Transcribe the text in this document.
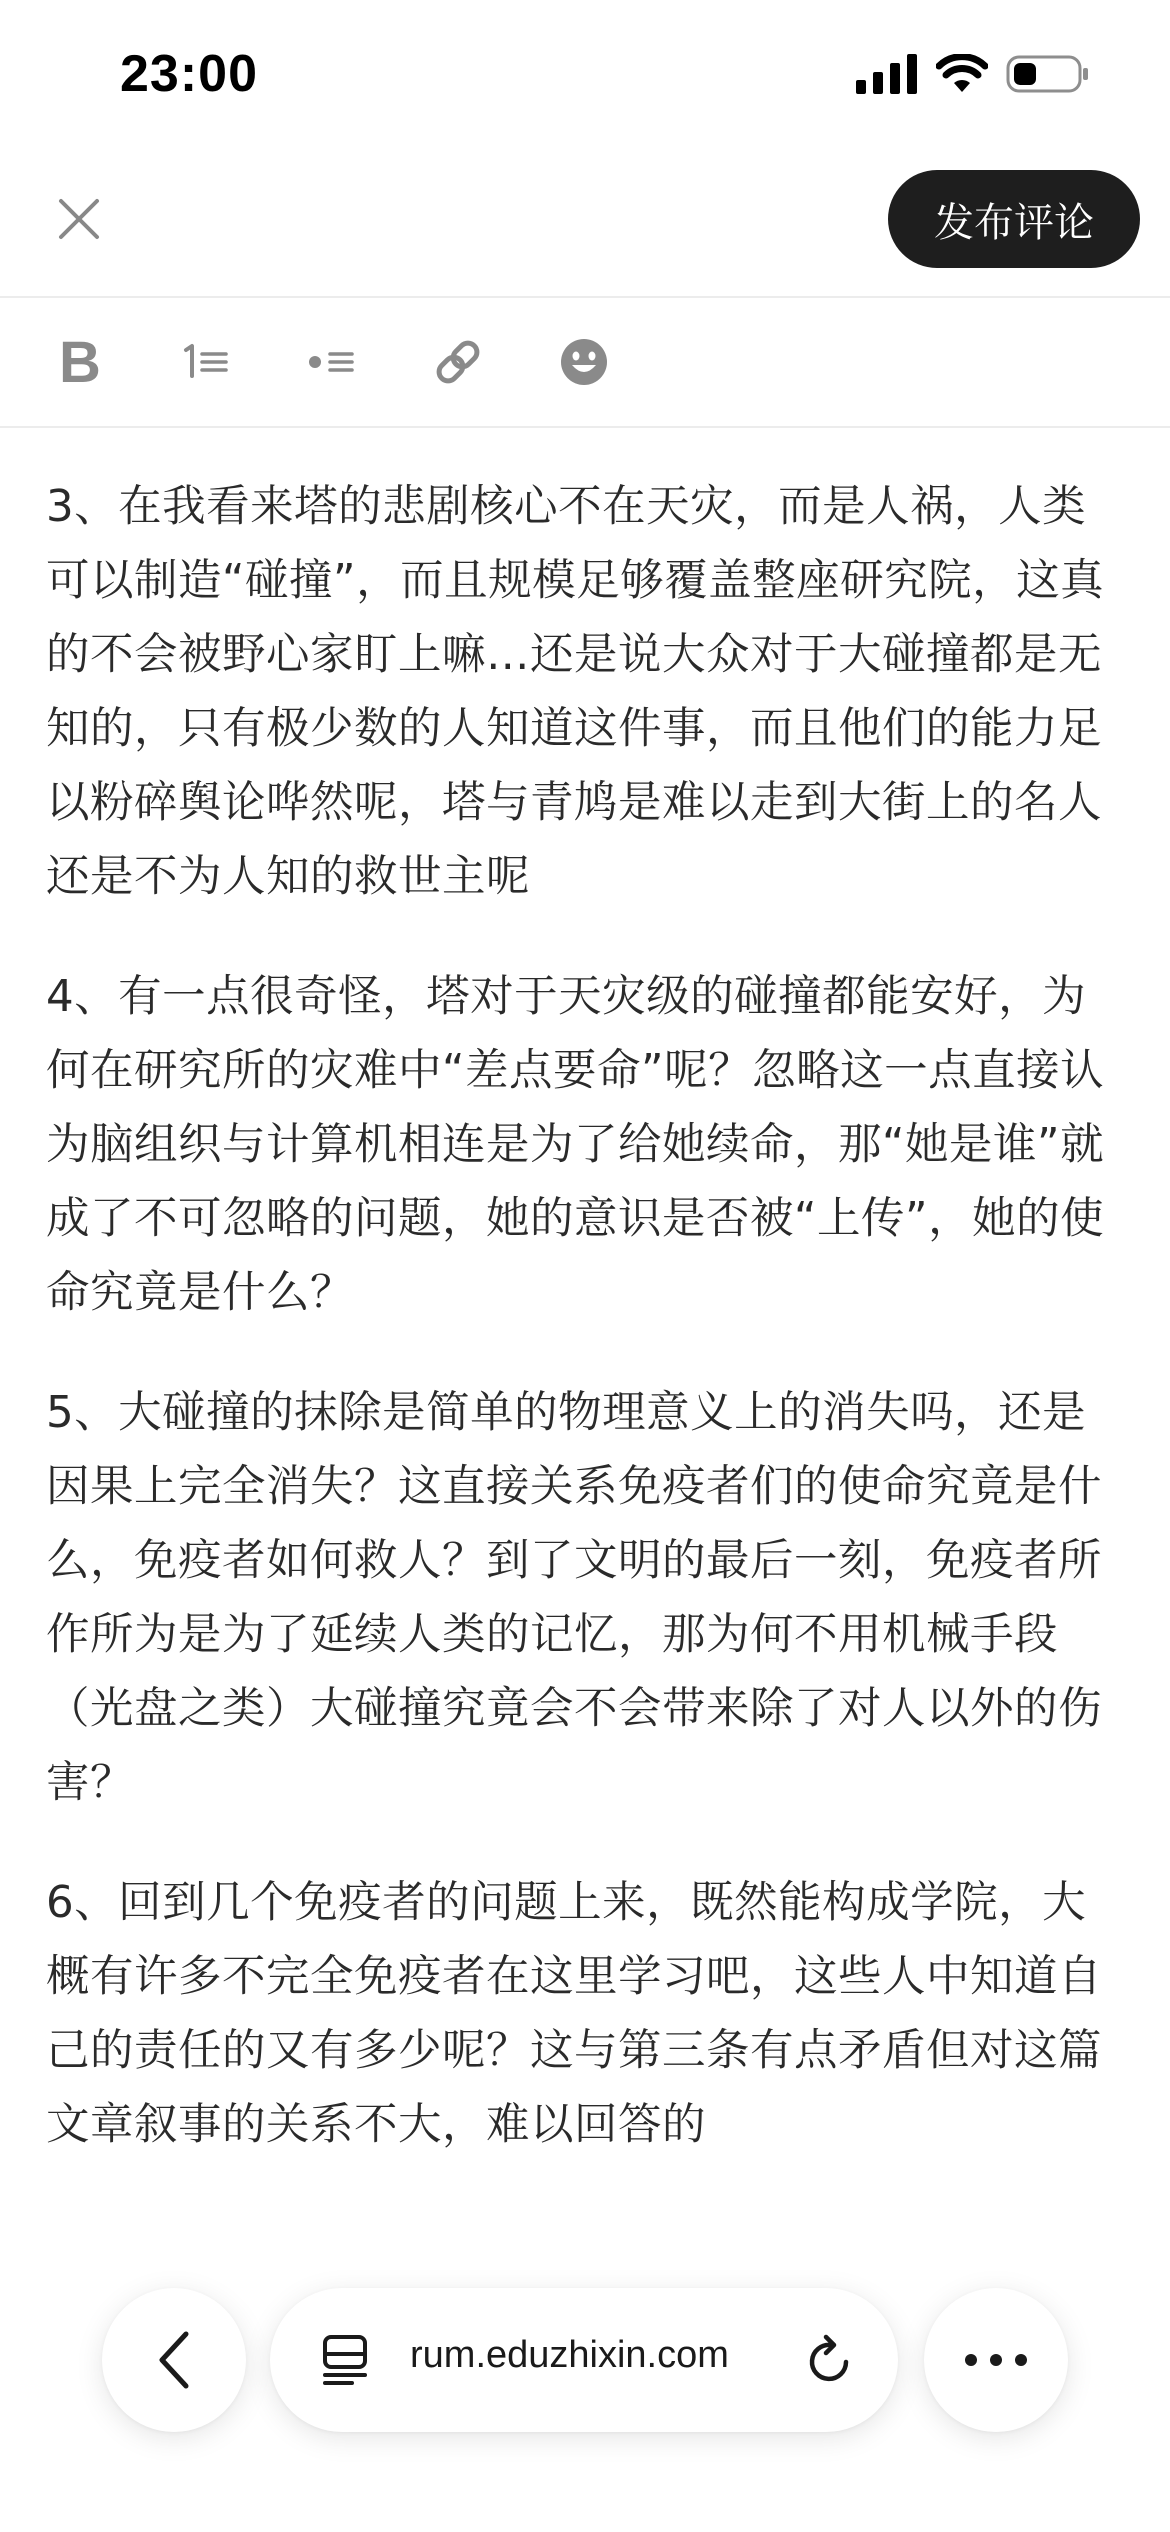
23:00
发布评论
B

3、在我看来塔的悲剧核心不在天灾，而是人祸，人类可以制造“碰撞”，而且规模足够覆盖整座研究院，这真的不会被野心家盯上嘛…还是说大众对于大碰撞都是无知的，只有极少数的人知道这件事，而且他们的能力足以粉碎舆论哗然呢，塔与青鸠是难以走到大街上的名人还是不为人知的救世主呢

4、有一点很奇怪，塔对于天灾级的碰撞都能安好，为何在研究所的灾难中“差点要命”呢？忽略这一点直接认为脑组织与计算机相连是为了给她续命，那“她是谁”就成了不可忽略的问题，她的意识是否被“上传”，她的使命究竟是什么？

5、大碰撞的抹除是简单的物理意义上的消失吗，还是因果上完全消失？这直接关系免疫者们的使命究竟是什么，免疫者如何救人？到了文明的最后一刻，免疫者所作所为是为了延续人类的记忆，那为何不用机械手段（光盘之类）大碰撞究竟会不会带来除了对人以外的伤害？

6、回到几个免疫者的问题上来，既然能构成学院，大概有许多不完全免疫者在这里学习吧，这些人中知道自己的责任的又有多少呢？这与第三条有点矛盾但对这篇文章叙事的关系不大，难以回答的

rum.eduzhixin.com
